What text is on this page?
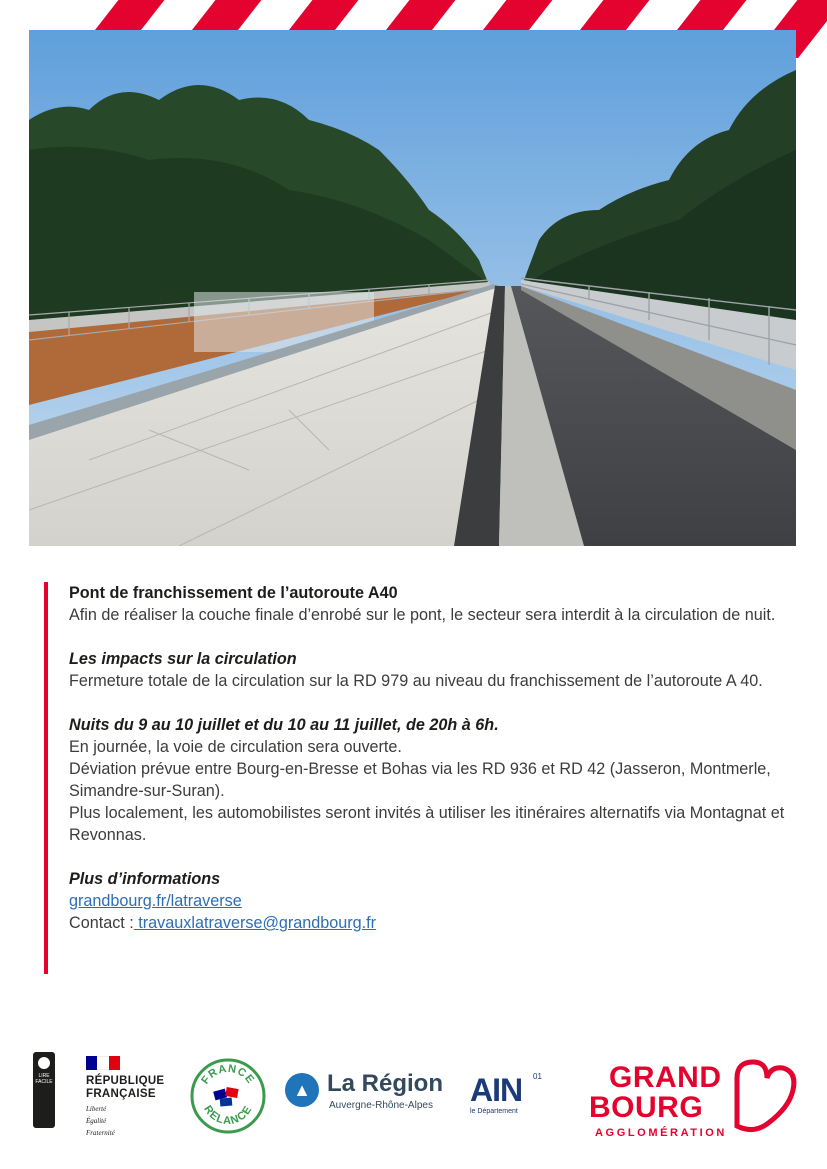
Pont de franchissement de l’autoroute A40

Afin de réaliser la couche finale d’enrobé sur le pont, le secteur sera interdit à la circulation de nuit.

Les impacts sur la circulation

Fermeture totale de la circulation sur la RD 979 au niveau du franchissement de l’autoroute A 40.

Nuits du 9 au 10 juillet et du 10 au 11 juillet, de 20h à 6h.

En journée, la voie de circulation sera ouverte.

Déviation prévue entre Bourg-en-Bresse et Bohas via les RD 936 et RD 42 (Jasseron, Montmerle, Simandre-sur-Suran).

Plus localement, les automobilistes seront invités à utiliser les itinéraires alternatifs via Montagnat et Revonnas.

Plus d’informations

grandbourg.fr/latraverse

Contact : travauxlatraverse@grandbourg.fr

LIRE
FACILE	RÉPUBLIQUE
FRANÇAISE
Liberté
Égalité
Fraternité
FRANCE
RELANCE
▲ La Région
Auvergne-Rhône-Alpes AIN	01
le Département
GRAND
BOURG
AGGLOMÉRATION
